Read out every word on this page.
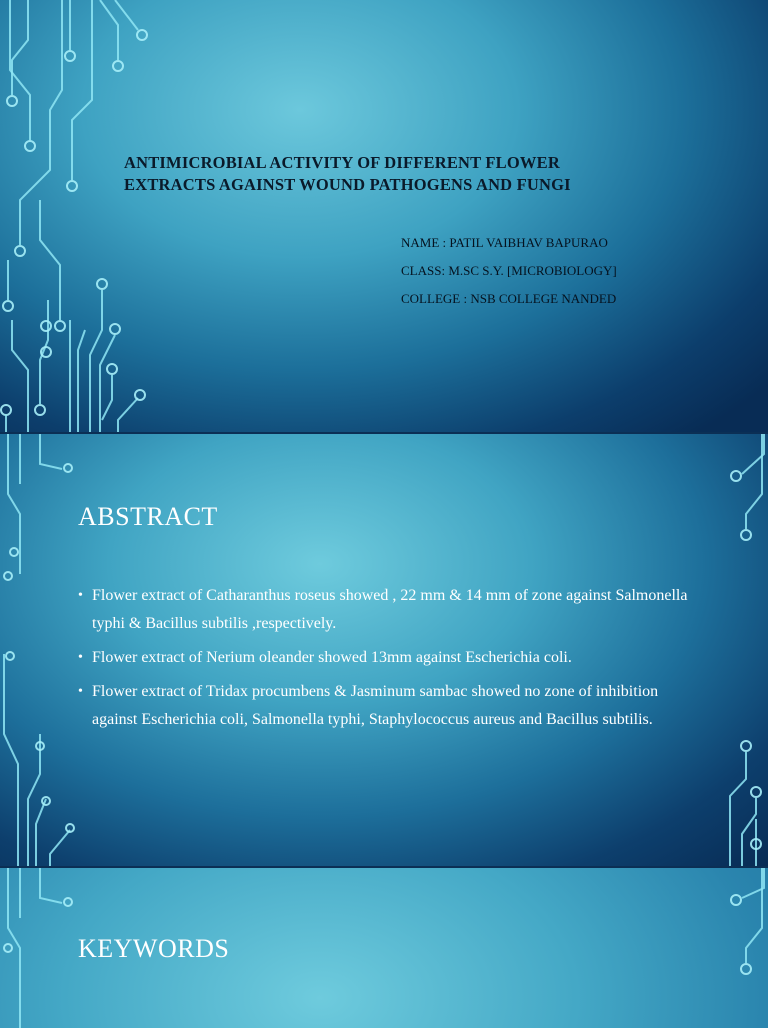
ANTIMICROBIAL ACTIVITY OF DIFFERENT FLOWER
EXTRACTS AGAINST WOUND PATHOGENS AND FUNGI
NAME : PATIL VAIBHAV BAPURAO
CLASS: M.SC S.Y. [MICROBIOLOGY]
COLLEGE : NSB COLLEGE NANDED
ABSTRACT
• Flower extract of Catharanthus roseus showed , 22 mm & 14 mm of zone against Salmonella typhi & Bacillus subtilis ,respectively.
• Flower extract of Nerium oleander showed 13mm against Escherichia coli.
• Flower extract of Tridax procumbens & Jasminum sambac showed no zone of inhibition against Escherichia coli, Salmonella typhi, Staphylococcus aureus and Bacillus subtilis.
KEYWORDS
